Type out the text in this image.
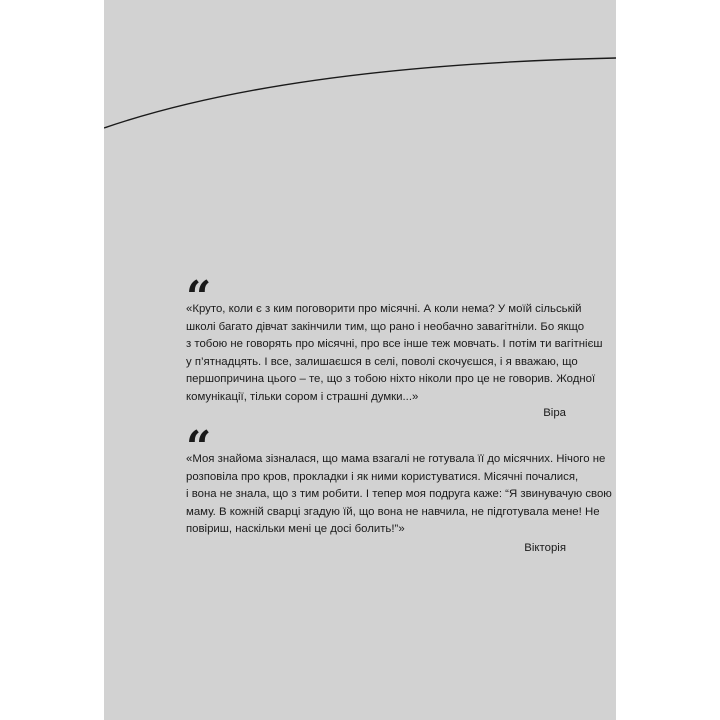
“
«Круто, коли є з ким поговорити про місячні. А коли нема? У моїй сільській
школі багато дівчат закінчили тим, що рано і необачно завагітніли. Бо якщо
з тобою не говорять про місячні, про все інше теж мовчать. І потім ти вагітнієш
у п’ятнадцять. І все, залишаєшся в селі, поволі скочуєшся, і я вважаю, що
першопричина цього – те, що з тобою ніхто ніколи про це не говорив. Жодної
комунікації, тільки сором і страшні думки...»
Віра
“
«Моя знайома зізналася, що мама взагалі не готувала її до місячних. Нічого не
розповіла про кров, прокладки і як ними користуватися. Місячні почалися,
і вона не знала, що з тим робити. І тепер моя подруга каже: “Я звинувачую свою
маму. В кожній сварці згадую їй, що вона не навчила, не підготувала мене! Не
повіриш, наскільки мені це досі болить!”»
Вікторія
